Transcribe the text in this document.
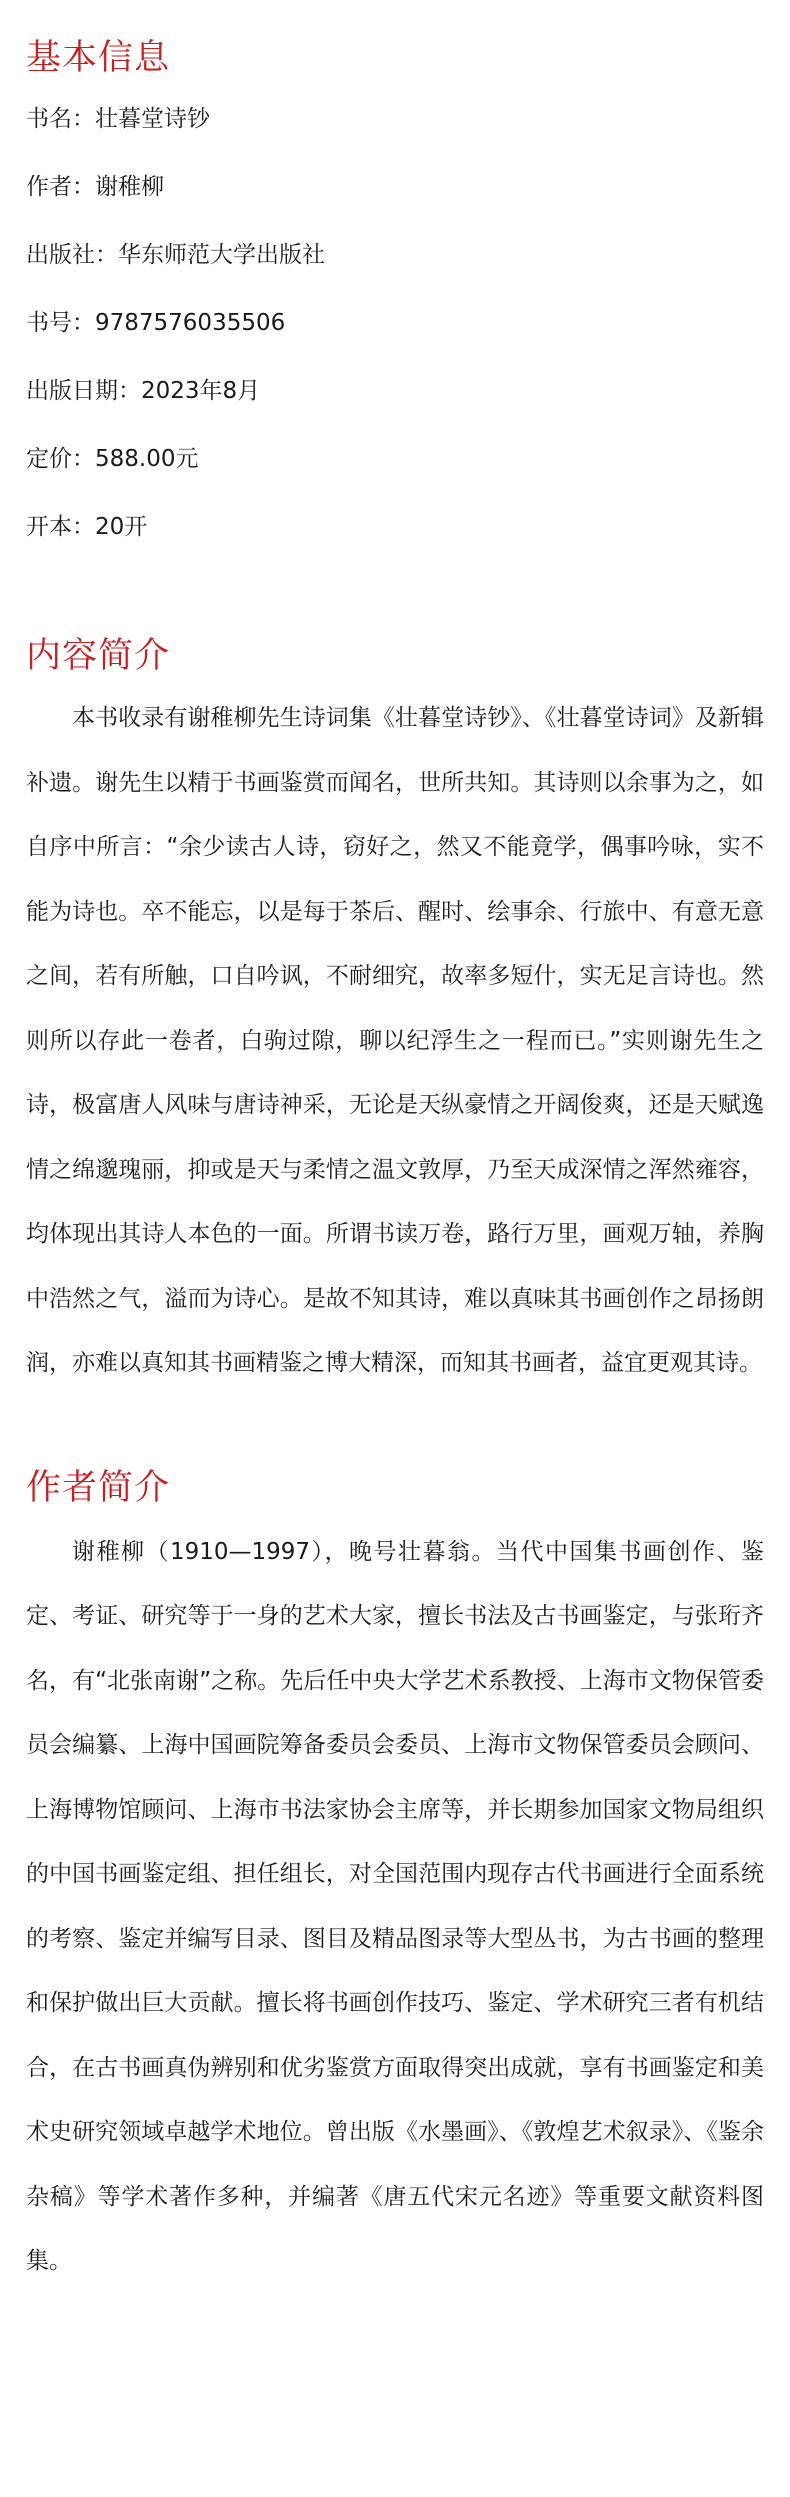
基本信息
书名：壮暮堂诗钞
作者：谢稚柳
出版社：华东师范大学出版社
书号：9787576035506
出版日期：2023年8月
定价：588.00元
开本：20开
内容简介

本书收录有谢稚柳先生诗词集《壮暮堂诗钞》、《壮暮堂诗词》及新辑补遗。谢先生以精于书画鉴赏而闻名，世所共知。其诗则以余事为之，如自序中所言：“余少读古人诗，窃好之，然又不能竟学，偶事吟咏，实不能为诗也。卒不能忘，以是每于茶后、醒时、绘事余、行旅中、有意无意之间，若有所触，口自吟讽，不耐细究，故率多短什，实无足言诗也。然则所以存此一卷者，白驹过隙，聊以纪浮生之一程而已。”实则谢先生之诗，极富唐人风味与唐诗神采，无论是天纵豪情之开阔俊爽，还是天赋逸情之绵邈瑰丽，抑或是天与柔情之温文敦厚，乃至天成深情之浑然雍容，均体现出其诗人本色的一面。所谓书读万卷，路行万里，画观万轴，养胸中浩然之气，溢而为诗心。是故不知其诗，难以真味其书画创作之昂扬朗润，亦难以真知其书画精鉴之博大精深，而知其书画者，益宜更观其诗。

作者简介

谢稚柳（1910—1997），晚号壮暮翁。当代中国集书画创作、鉴定、考证、研究等于一身的艺术大家，擅长书法及古书画鉴定，与张珩齐名，有“北张南谢”之称。先后任中央大学艺术系教授、上海市文物保管委员会编纂、上海中国画院筹备委员会委员、上海市文物保管委员会顾问、上海博物馆顾问、上海市书法家协会主席等，并长期参加国家文物局组织的中国书画鉴定组、担任组长，对全国范围内现存古代书画进行全面系统的考察、鉴定并编写目录、图目及精品图录等大型丛书，为古书画的整理和保护做出巨大贡献。擅长将书画创作技巧、鉴定、学术研究三者有机结合，在古书画真伪辨别和优劣鉴赏方面取得突出成就，享有书画鉴定和美术史研究领域卓越学术地位。曾出版《水墨画》、《敦煌艺术叙录》、《鉴余杂稿》等学术著作多种，并编著《唐五代宋元名迹》等重要文献资料图集。
